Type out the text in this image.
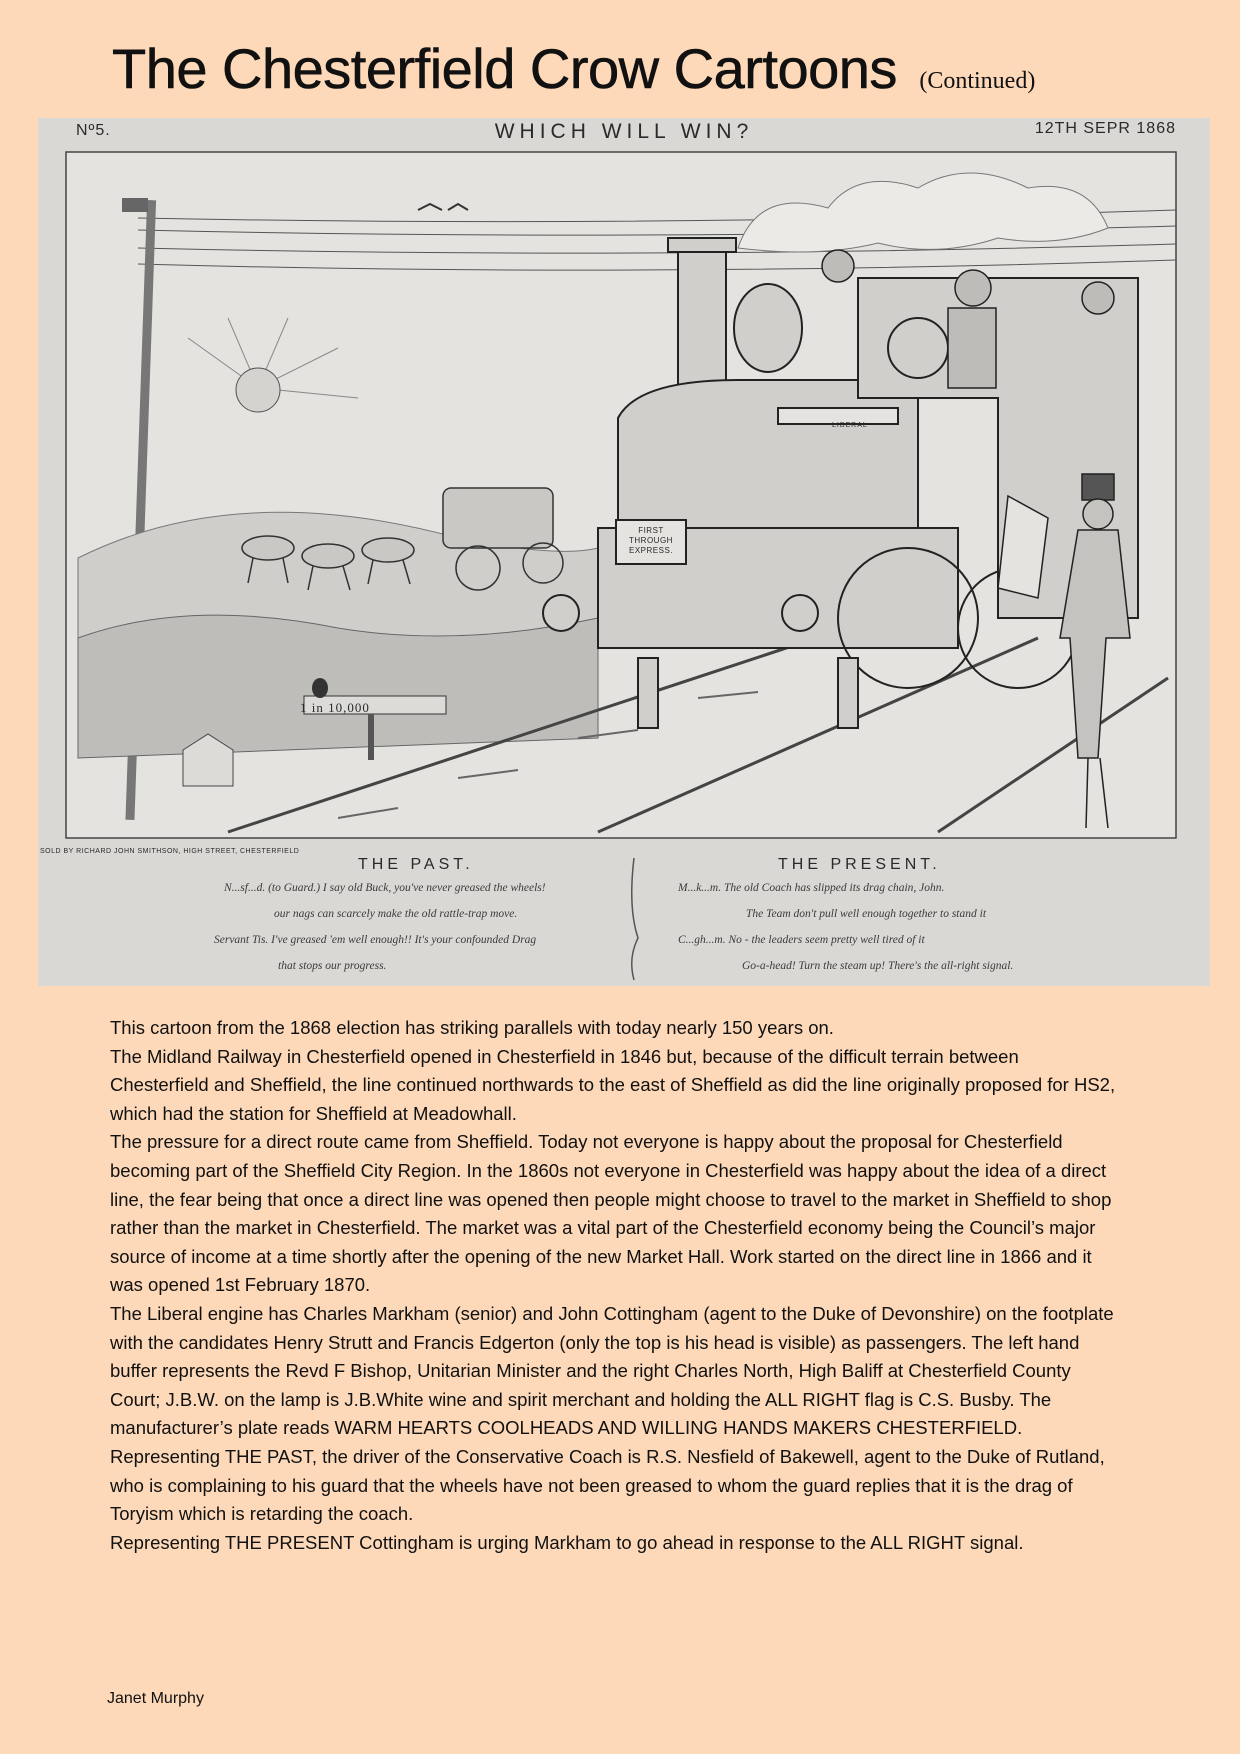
The Chesterfield Crow Cartoons (Continued)
Nº5.	WHICH WILL WIN?	12TH SEPR 1868
1 in 10,000
FIRST THROUGH EXPRESS.
LIBERAL
SOLD BY RICHARD JOHN SMITHSON, HIGH STREET, CHESTERFIELD
THE PAST.	THE PRESENT.
N...sf...d. (to Guard.) I say old Buck, you've never greased the wheels!
our nags can scarcely make the old rattle-trap move.
Servant Tis. I've greased 'em well enough!! It's your confounded Drag
that stops our progress.
M...k...m. The old Coach has slipped its drag chain, John.
The Team don't pull well enough together to stand it
C...gh...m. No - the leaders seem pretty well tired of it
Go-a-head! Turn the steam up! There's the all-right signal.

This cartoon from the 1868 election has striking parallels with today nearly 150 years on.

The Midland Railway in Chesterfield opened in Chesterfield in 1846 but, because of the difficult terrain between Chesterfield and Sheffield, the line continued northwards to the east of Sheffield as did the line originally proposed for HS2, which had the station for Sheffield at Meadowhall.

The pressure for a direct route came from Sheffield. Today not everyone is happy about the proposal for Chesterfield becoming part of the Sheffield City Region. In the 1860s not everyone in Chesterfield was happy about the idea of a direct line, the fear being that once a direct line was opened then people might choose to travel to the market in Sheffield to shop rather than the market in Chesterfield. The market was a vital part of the Chesterfield economy being the Council’s major source of income at a time shortly after the opening of the new Market Hall. Work started on the direct line in 1866 and it was opened 1st February 1870.

The Liberal engine has Charles Markham (senior) and John Cottingham (agent to the Duke of Devonshire) on the footplate with the candidates Henry Strutt and Francis Edgerton (only the top is his head is visible) as passengers. The left hand buffer represents the Revd F Bishop, Unitarian Minister and the right Charles North, High Baliff at Chesterfield County Court; J.B.W. on the lamp is J.B.White wine and spirit merchant and holding the ALL RIGHT flag is C.S. Busby. The

manufacturer’s plate reads WARM HEARTS COOLHEADS AND WILLING HANDS MAKERS CHESTERFIELD.

Representing THE PAST, the driver of the Conservative Coach is R.S. Nesfield of Bakewell, agent to the Duke of Rutland, who is complaining to his guard that the wheels have not been greased to whom the guard replies that it is the drag of Toryism which is retarding the coach.

Representing THE PRESENT Cottingham is urging Markham to go ahead in response to the ALL RIGHT signal.

Janet Murphy
